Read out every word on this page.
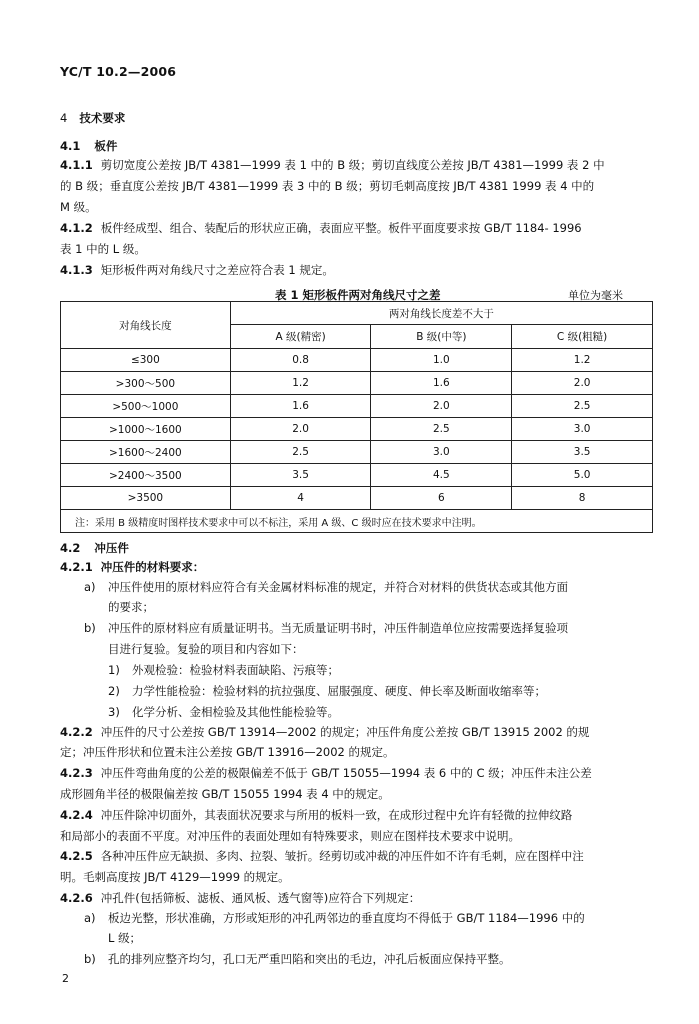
YC/T 10.2—2006
4 技术要求
4.1 板件
4.1.1 剪切宽度公差按 JB/T 4381—1999 表 1 中的 B 级；剪切直线度公差按 JB/T 4381—1999 表 2 中
的 B 级；垂直度公差按 JB/T 4381—1999 表 3 中的 B 级；剪切毛刺高度按 JB/T 4381 1999 表 4 中的
M 级。
4.1.2 板件经成型、组合、装配后的形状应正确，表面应平整。板件平面度要求按 GB/T 1184- 1996
表 1 中的 L 级。
4.1.3 矩形板件两对角线尺寸之差应符合表 1 规定。
表 1 矩形板件两对角线尺寸之差	单位为毫米
对角线长度	两对角线长度差不大于		
	A 级(精密)	B 级(中等)	C 级(粗糙)
≤300	0.8	1.0	1.2
>300～500	1.2	1.6	2.0
>500～1000	1.6	2.0	2.5
>1000～1600	2.0	2.5	3.0
>1600～2400	2.5	3.0	3.5
>2400～3500	3.5	4.5	5.0
>3500	4	6	8
注：采用 B 级精度时图样技术要求中可以不标注，采用 A 级、C 级时应在技术要求中注明。			
4.2 冲压件
4.2.1 冲压件的材料要求：
a) 冲压件使用的原材料应符合有关金属材料标准的规定，并符合对材料的供货状态或其他方面
的要求；
b) 冲压件的原材料应有质量证明书。当无质量证明书时，冲压件制造单位应按需要选择复验项
目进行复验。复验的项目和内容如下：
1) 外观检验：检验材料表面缺陷、污痕等；
2) 力学性能检验：检验材料的抗拉强度、屈服强度、硬度、伸长率及断面收缩率等；
3) 化学分析、金相检验及其他性能检验等。
4.2.2 冲压件的尺寸公差按 GB/T 13914—2002 的规定；冲压件角度公差按 GB/T 13915 2002 的规
定；冲压件形状和位置未注公差按 GB/T 13916—2002 的规定。
4.2.3 冲压件弯曲角度的公差的极限偏差不低于 GB/T 15055—1994 表 6 中的 C 级；冲压件未注公差
成形圆角半径的极限偏差按 GB/T 15055 1994 表 4 中的规定。
4.2.4 冲压件除冲切面外，其表面状况要求与所用的板料一致，在成形过程中允许有轻微的拉伸纹路
和局部小的表面不平度。对冲压件的表面处理如有特殊要求，则应在图样技术要求中说明。
4.2.5 各种冲压件应无缺损、多肉、拉裂、皱折。经剪切或冲裁的冲压件如不许有毛刺，应在图样中注
明。毛刺高度按 JB/T 4129—1999 的规定。
4.2.6 冲孔件(包括筛板、滤板、通风板、透气窗等)应符合下列规定：
a) 板边光整，形状准确，方形或矩形的冲孔两邻边的垂直度均不得低于 GB/T 1184—1996 中的
L 级；
b) 孔的排列应整齐均匀，孔口无严重凹陷和突出的毛边，冲孔后板面应保持平整。
2
